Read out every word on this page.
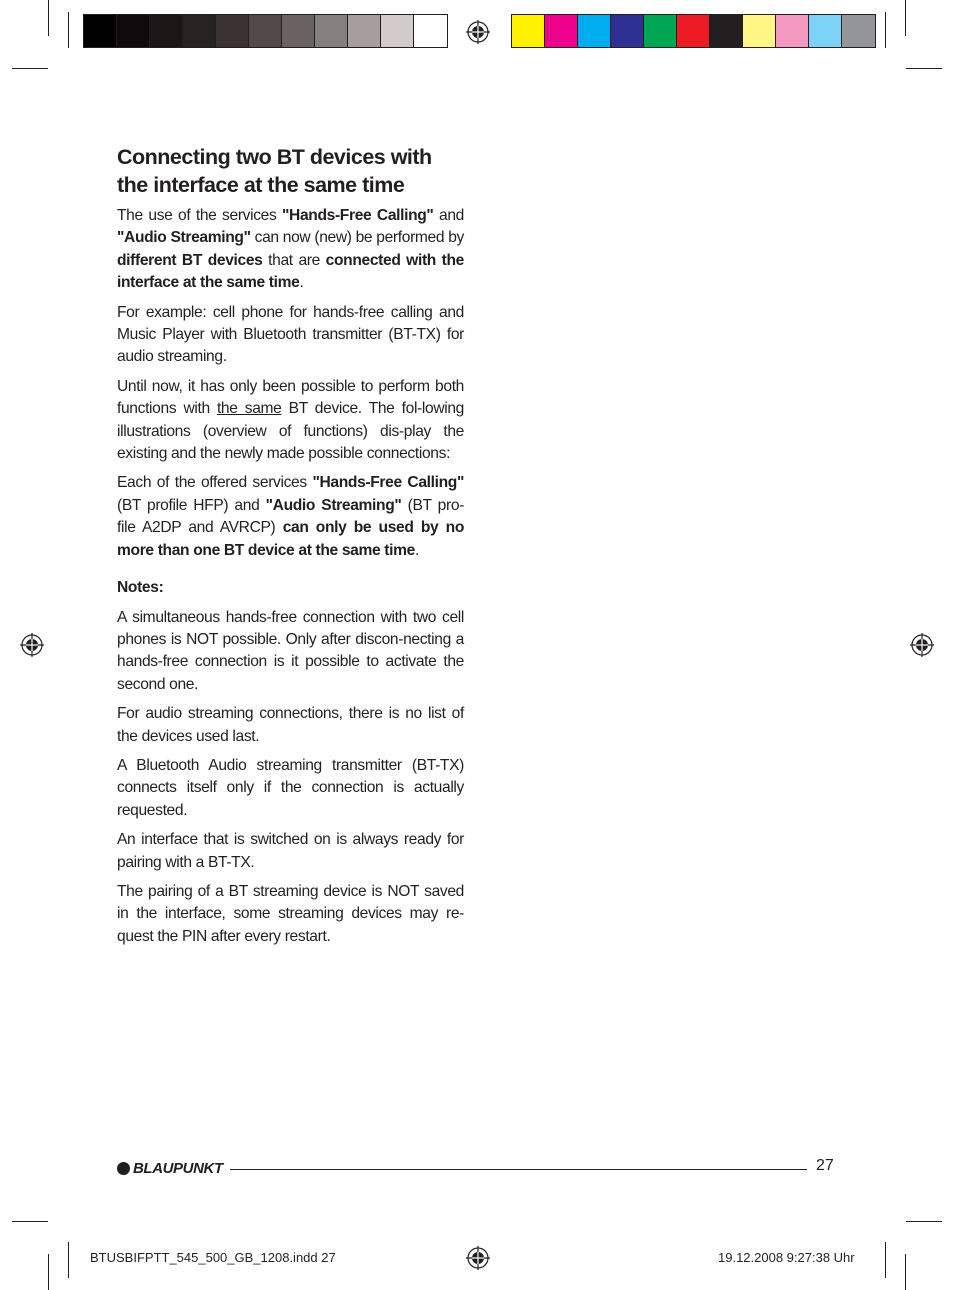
Connecting two BT devices with the interface at the same time

The use of the services "Hands-Free Calling" and "Audio Streaming" can now (new) be performed by different BT devices that are connected with the interface at the same time.

For example: cell phone for hands-free calling and Music Player with Bluetooth transmitter (BT-TX) for audio streaming.

Until now, it has only been possible to perform both functions with the same BT device. The fol-lowing illustrations (overview of functions) dis-play the existing and the newly made possible connections:

Each of the offered services "Hands-Free Calling" (BT profile HFP) and "Audio Streaming" (BT pro-file A2DP and AVRCP) can only be used by no more than one BT device at the same time.

Notes:

A simultaneous hands-free connection with two cell phones is NOT possible. Only after discon-necting a hands-free connection is it possible to activate the second one.

For audio streaming connections, there is no list of the devices used last.

A Bluetooth Audio streaming transmitter (BT-TX) connects itself only if the connection is actually requested.

An interface that is switched on is always ready for pairing with a BT-TX.

The pairing of a BT streaming device is NOT saved in the interface, some streaming devices may re-quest the PIN after every restart.

BLAUPUNKT	27
BTUSBIFPTT_545_500_GB_1208.indd 27	19.12.2008 9:27:38 Uhr
